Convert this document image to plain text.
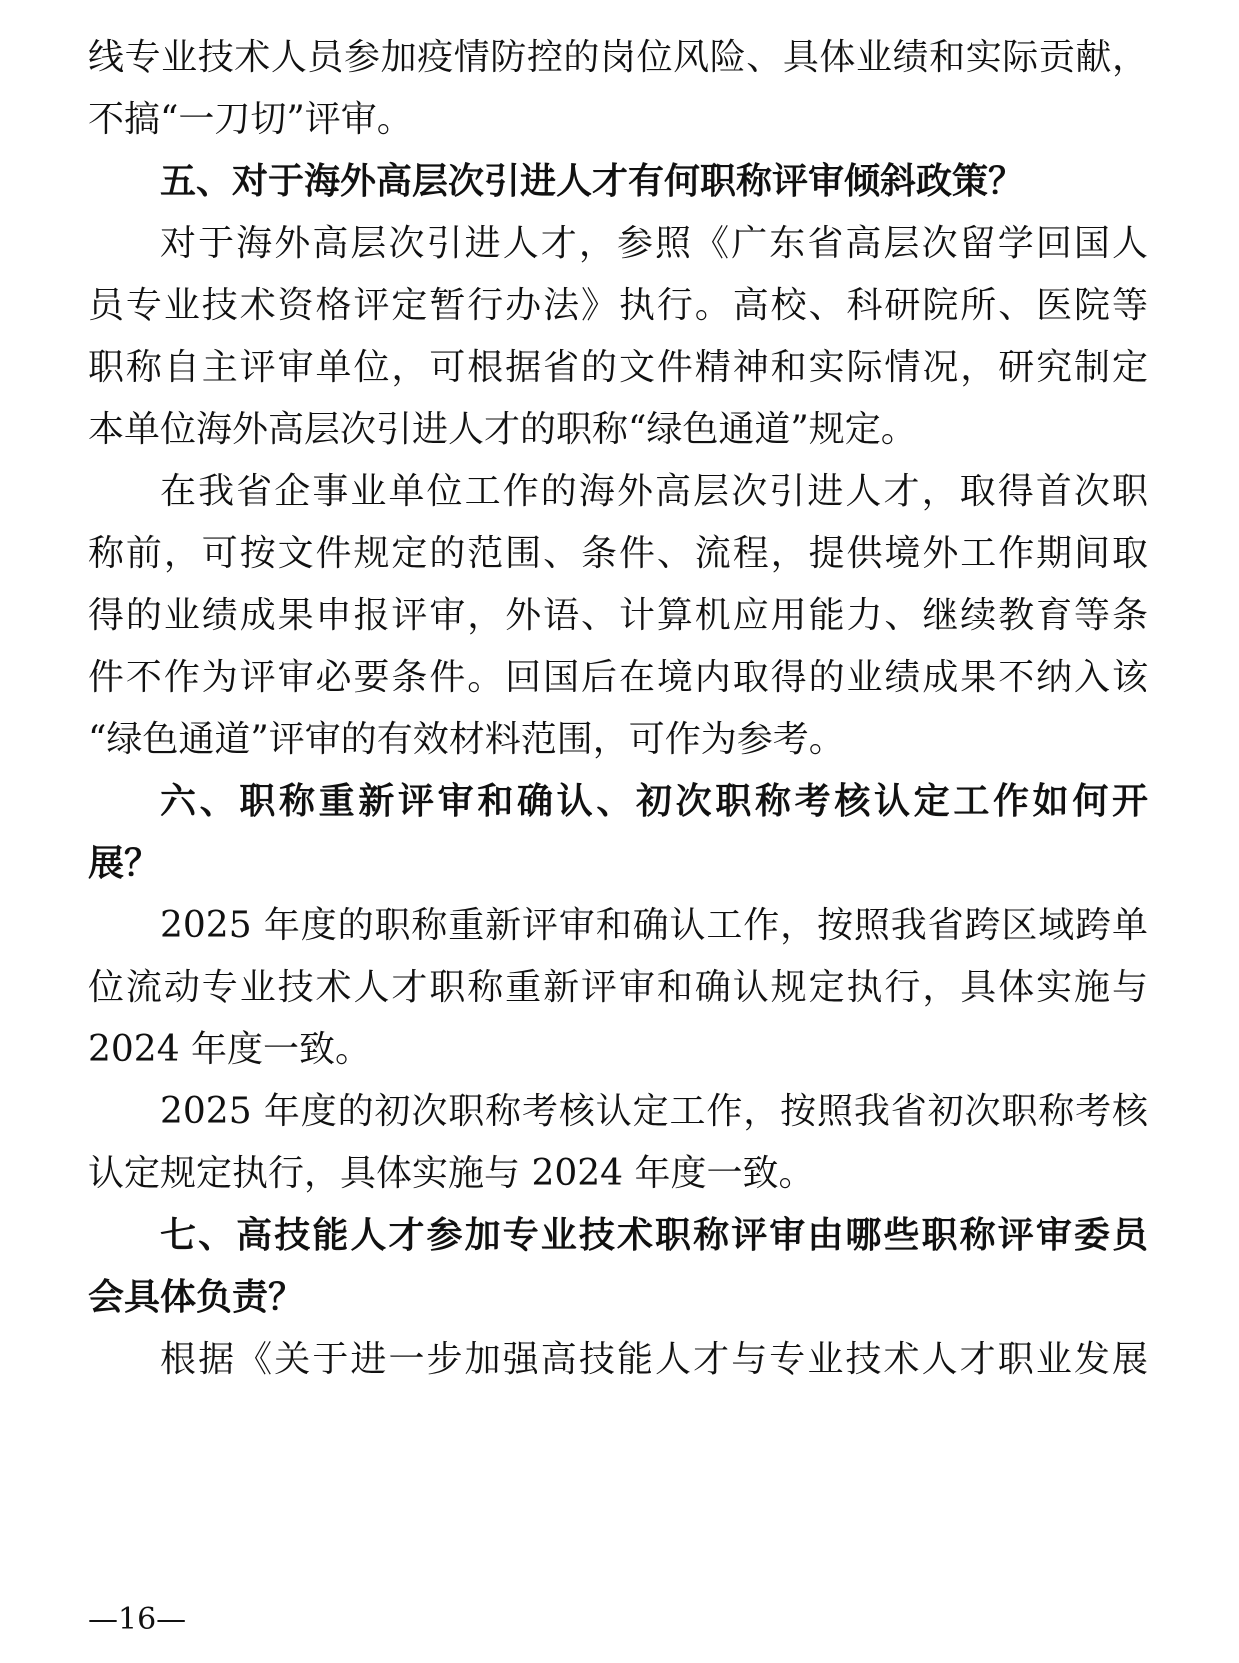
线专业技术人员参加疫情防控的岗位风险、具体业绩和实际贡献，

不搞“一刀切”评审。

五、对于海外高层次引进人才有何职称评审倾斜政策？

对于海外高层次引进人才，参照《广东省高层次留学回国人

员专业技术资格评定暂行办法》执行。高校、科研院所、医院等

职称自主评审单位，可根据省的文件精神和实际情况，研究制定

本单位海外高层次引进人才的职称“绿色通道”规定。

在我省企事业单位工作的海外高层次引进人才，取得首次职

称前，可按文件规定的范围、条件、流程，提供境外工作期间取

得的业绩成果申报评审，外语、计算机应用能力、继续教育等条

件不作为评审必要条件。回国后在境内取得的业绩成果不纳入该

“绿色通道”评审的有效材料范围，可作为参考。

六、职称重新评审和确认、初次职称考核认定工作如何开

展？

2025 年度的职称重新评审和确认工作，按照我省跨区域跨单

位流动专业技术人才职称重新评审和确认规定执行，具体实施与

2024 年度一致。

2025 年度的初次职称考核认定工作，按照我省初次职称考核

认定规定执行，具体实施与 2024 年度一致。

七、高技能人才参加专业技术职称评审由哪些职称评审委员

会具体负责？

根据《关于进一步加强高技能人才与专业技术人才职业发展

—16—
